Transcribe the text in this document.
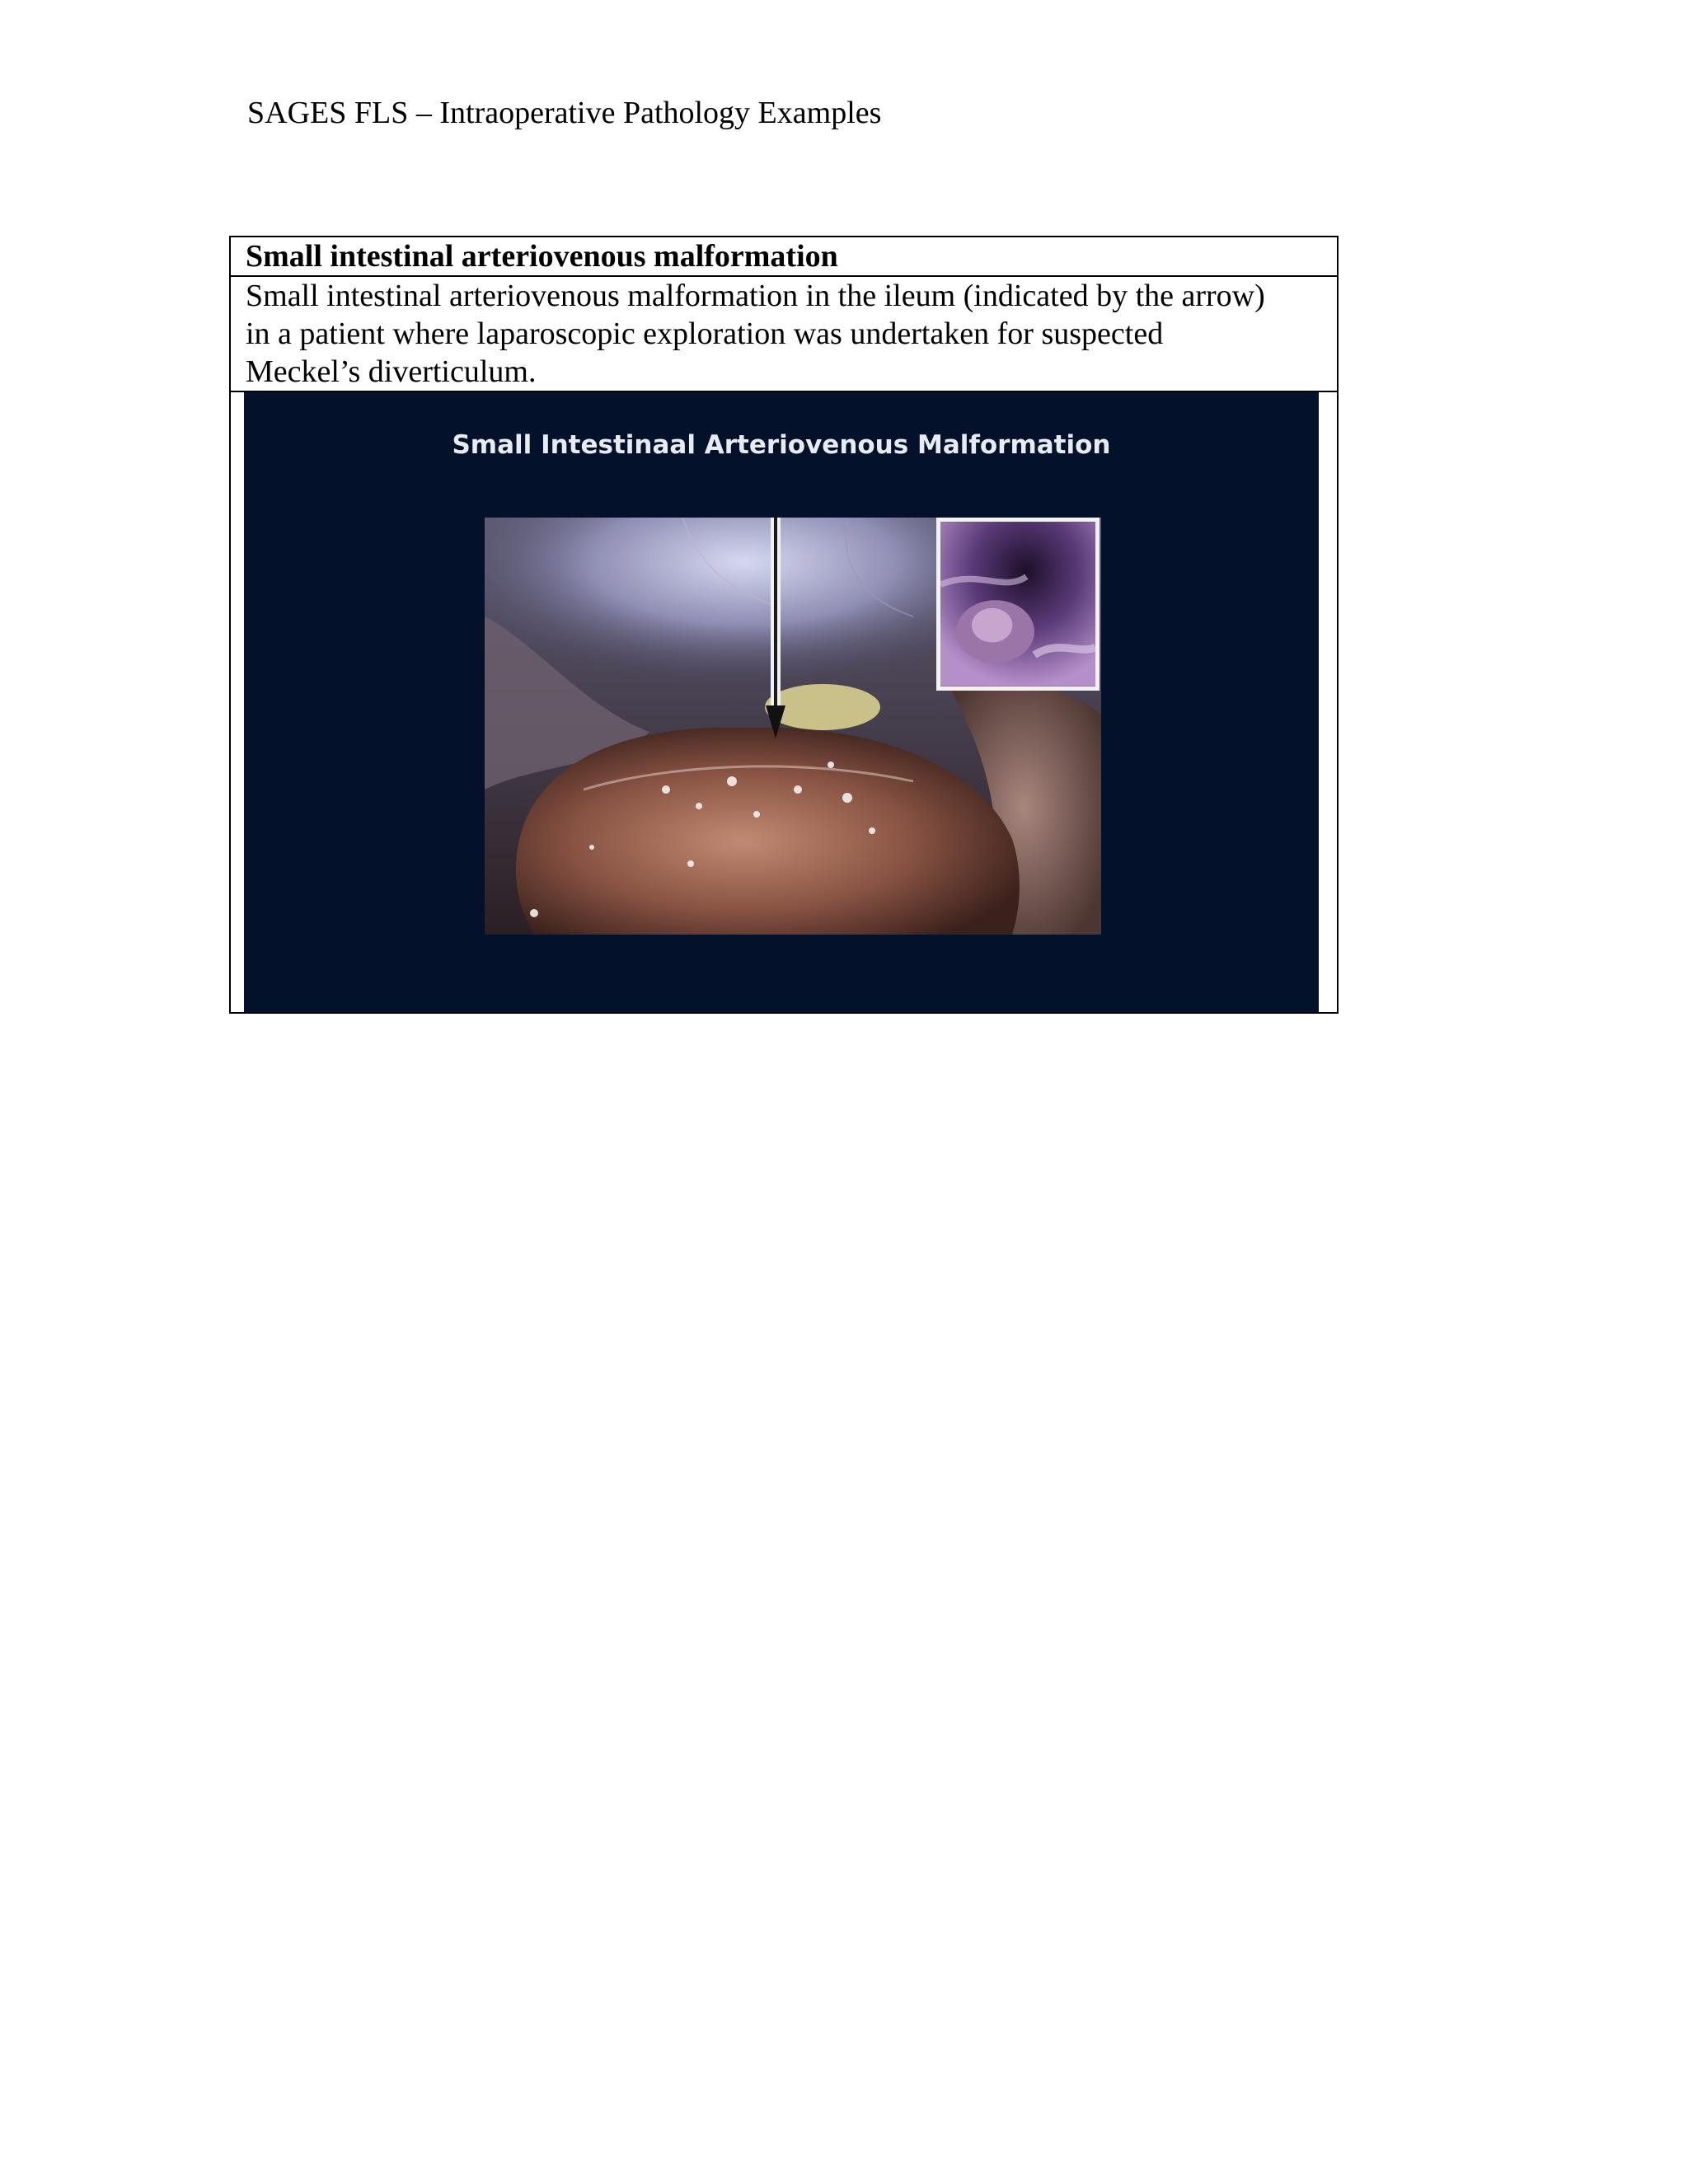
SAGES FLS – Intraoperative Pathology Examples
Small intestinal arteriovenous malformation
Small intestinal arteriovenous malformation in the ileum (indicated by the arrow)
in a patient where laparoscopic exploration was undertaken for suspected
Meckel’s diverticulum.
Small Intestinaal Arteriovenous Malformation
